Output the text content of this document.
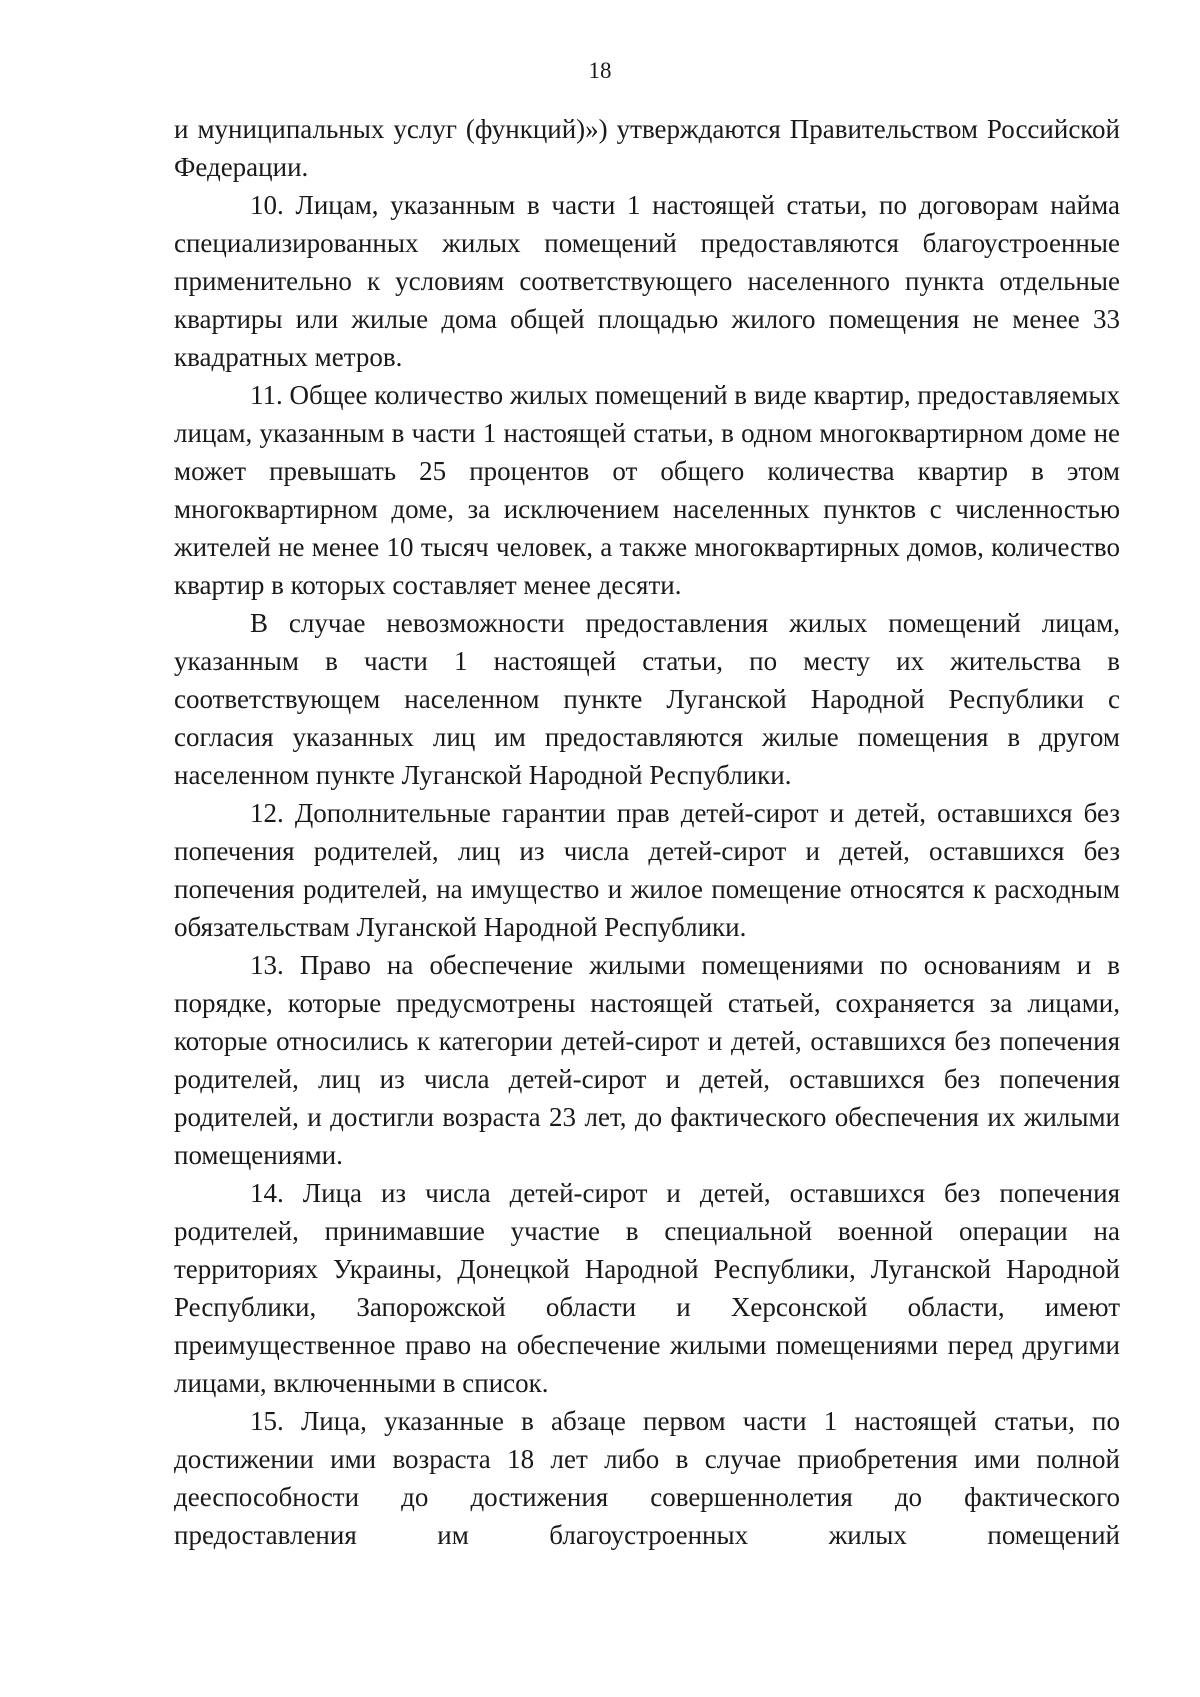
18

и муниципальных услуг (функций)») утверждаются Правительством Российской Федерации.

10. Лицам, указанным в части 1 настоящей статьи, по договорам найма специализированных жилых помещений предоставляются благоустроенные применительно к условиям соответствующего населенного пункта отдельные квартиры или жилые дома общей площадью жилого помещения не менее 33 квадратных метров.

11. Общее количество жилых помещений в виде квартир, предоставляемых лицам, указанным в части 1 настоящей статьи, в одном многоквартирном доме не может превышать 25 процентов от общего количества квартир в этом многоквартирном доме, за исключением населенных пунктов с численностью жителей не менее 10 тысяч человек, а также многоквартирных домов, количество квартир в которых составляет менее десяти.

В случае невозможности предоставления жилых помещений лицам, указанным в части 1 настоящей статьи, по месту их жительства в соответствующем населенном пункте Луганской Народной Республики с согласия указанных лиц им предоставляются жилые помещения в другом населенном пункте Луганской Народной Республики.

12. Дополнительные гарантии прав детей-сирот и детей, оставшихся без попечения родителей, лиц из числа детей-сирот и детей, оставшихся без попечения родителей, на имущество и жилое помещение относятся к расходным обязательствам Луганской Народной Республики.

13. Право на обеспечение жилыми помещениями по основаниям и в порядке, которые предусмотрены настоящей статьей, сохраняется за лицами, которые относились к категории детей-сирот и детей, оставшихся без попечения родителей, лиц из числа детей-сирот и детей, оставшихся без попечения родителей, и достигли возраста 23 лет, до фактического обеспечения их жилыми помещениями.

14. Лица из числа детей-сирот и детей, оставшихся без попечения родителей, принимавшие участие в специальной военной операции на территориях Украины, Донецкой Народной Республики, Луганской Народной Республики, Запорожской области и Херсонской области, имеют преимущественное право на обеспечение жилыми помещениями перед другими лицами, включенными в список.

15. Лица, указанные в абзаце первом части 1 настоящей статьи, по достижении ими возраста 18 лет либо в случае приобретения ими полной дееспособности до достижения совершеннолетия до фактического предоставления им благоустроенных жилых помещений
